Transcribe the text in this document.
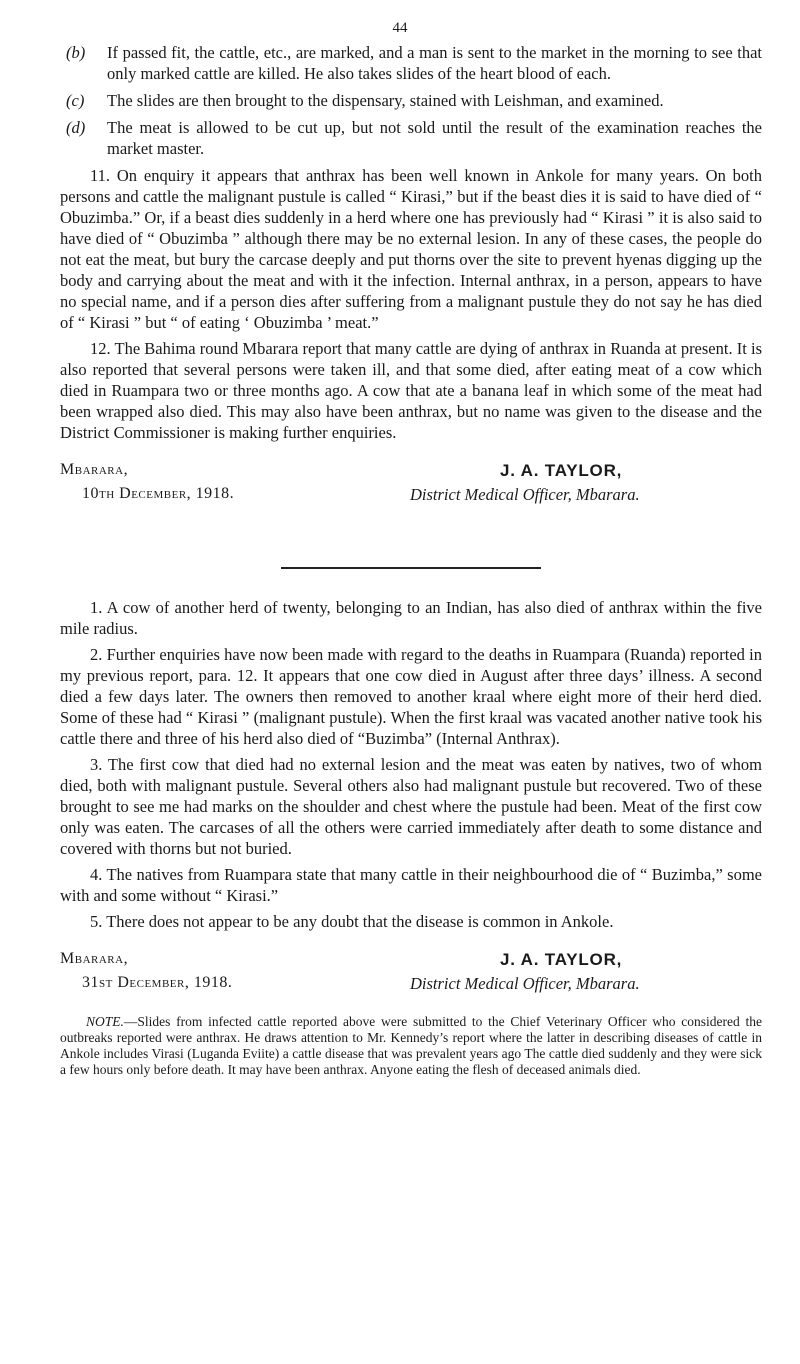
44
(b) If passed fit, the cattle, etc., are marked, and a man is sent to the market in the morning to see that only marked cattle are killed. He also takes slides of the heart blood of each.
(c) The slides are then brought to the dispensary, stained with Leishman, and examined.
(d) The meat is allowed to be cut up, but not sold until the result of the examination reaches the market master.

11. On enquiry it appears that anthrax has been well known in Ankole for many years. On both persons and cattle the malignant pustule is called “ Kirasi,” but if the beast dies it is said to have died of “ Obuzimba.” Or, if a beast dies suddenly in a herd where one has previously had “ Kirasi ” it is also said to have died of “ Obuzimba ” although there may be no external lesion. In any of these cases, the people do not eat the meat, but bury the carcase deeply and put thorns over the site to prevent hyenas digging up the body and carrying about the meat and with it the infection. Internal anthrax, in a person, appears to have no special name, and if a person dies after suffering from a malignant pustule they do not say he has died of “ Kirasi ” but “ of eating ‘ Obuzimba ’ meat.”

12. The Bahima round Mbarara report that many cattle are dying of anthrax in Ruanda at present. It is also reported that several persons were taken ill, and that some died, after eating meat of a cow which died in Ruampara two or three months ago. A cow that ate a banana leaf in which some of the meat had been wrapped also died. This may also have been anthrax, but no name was given to the disease and the District Commissioner is making further enquiries.

Mbarara,
10th December, 1918.
J. A. TAYLOR,
District Medical Officer, Mbarara.

1. A cow of another herd of twenty, belonging to an Indian, has also died of anthrax within the five mile radius.

2. Further enquiries have now been made with regard to the deaths in Ruampara (Ruanda) reported in my previous report, para. 12. It appears that one cow died in August after three days’ illness. A second died a few days later. The owners then removed to another kraal where eight more of their herd died. Some of these had “ Kirasi ” (malignant pustule). When the first kraal was vacated another native took his cattle there and three of his herd also died of “Buzimba” (Internal Anthrax).

3. The first cow that died had no external lesion and the meat was eaten by natives, two of whom died, both with malignant pustule. Several others also had malignant pustule but recovered. Two of these brought to see me had marks on the shoulder and chest where the pustule had been. Meat of the first cow only was eaten. The carcases of all the others were carried immediately after death to some distance and covered with thorns but not buried.

4. The natives from Ruampara state that many cattle in their neighbourhood die of “ Buzimba,” some with and some without “ Kirasi.”

5. There does not appear to be any doubt that the disease is common in Ankole.

Mbarara,
31st December, 1918.
J. A. TAYLOR,
District Medical Officer, Mbarara.

NOTE.—Slides from infected cattle reported above were submitted to the Chief Veterinary Officer who considered the outbreaks reported were anthrax. He draws attention to Mr. Kennedy’s report where the latter in describing diseases of cattle in Ankole includes Virasi (Luganda Eviite) a cattle disease that was prevalent years ago The cattle died suddenly and they were sick a few hours only before death. It may have been anthrax. Anyone eating the flesh of deceased animals died.
